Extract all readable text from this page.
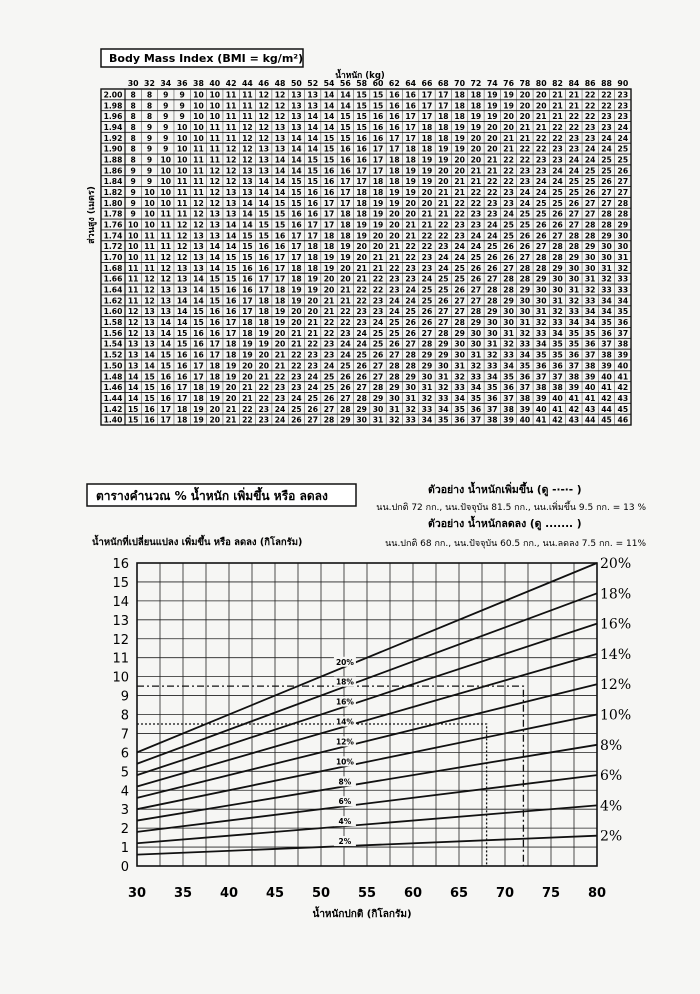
Body Mass Index (BMI = kg/m²)
น้ำหนัก (kg)
30 32 34 36 38 40 42 44 46 48 50 52 54 56 58 60 62 64 66 68 70 72 74 76 78 80 82 84 86 88 90
2.00 8 8 9 9 10 10 11 11 12 12 13 13 14 14 15 15 16 16 17 17 18 18 19 19 20 20 21 21 22 22 23
1.98 8 8 9 9 10 10 11 11 12 12 13 13 14 14 15 15 16 16 17 17 18 18 19 19 20 20 21 21 22 22 23
1.96 8 8 9 9 10 10 11 11 12 12 13 14 14 15 15 16 16 17 17 18 18 19 19 20 20 21 21 22 22 23 23
1.94 8 9 9 10 10 11 11 12 12 13 13 14 14 15 15 16 16 17 18 18 19 19 20 20 21 21 22 22 23 23 24
1.92 8 9 9 10 10 11 11 12 12 13 14 14 15 15 16 16 17 17 18 18 19 20 20 21 21 22 22 23 23 24 24
1.90 8 9 9 10 11 11 12 12 13 13 14 14 15 16 16 17 17 18 18 19 19 20 20 21 22 22 23 23 24 24 25
1.88 8 9 10 10 11 11 12 12 13 14 14 15 15 16 16 17 18 18 19 19 20 20 21 22 22 23 23 24 24 25 25
1.86 9 9 10 10 11 12 12 13 13 14 14 15 16 16 17 17 18 19 19 20 20 21 21 22 23 23 24 24 25 25 26
1.84 9 9 10 11 11 12 12 13 14 14 15 15 16 17 17 18 18 19 19 20 21 21 22 22 23 24 24 25 25 26 27
1.82 9 10 10 11 11 12 13 13 14 14 15 16 16 17 18 18 19 19 20 21 21 22 22 23 24 24 25 25 26 27 27
1.80 9 10 10 11 12 12 13 14 14 15 15 16 17 17 18 19 19 20 20 21 22 22 23 23 24 25 25 26 27 27 28
1.78 9 10 11 11 12 13 13 14 15 15 16 16 17 18 18 19 20 20 21 21 22 23 23 24 25 25 26 27 27 28 28
1.76 10 10 11 12 12 13 14 14 15 15 16 17 17 18 19 19 20 21 21 22 23 23 24 25 25 26 26 27 28 28 29
1.74 10 11 11 12 13 13 14 15 15 16 17 17 18 18 19 20 20 21 22 22 23 24 24 25 26 26 27 28 28 29 30
1.72 10 11 11 12 13 14 14 15 16 16 17 18 18 19 20 20 21 22 22 23 24 24 25 26 26 27 28 28 29 30 30
1.70 10 11 12 12 13 14 15 15 16 17 17 18 19 19 20 21 21 22 23 24 24 25 26 26 27 28 28 29 30 30 31
1.68 11 11 12 13 13 14 15 16 16 17 18 18 19 20 21 21 22 23 23 24 25 26 26 27 28 28 29 30 30 31 32
1.66 11 12 12 13 14 15 15 16 17 17 18 19 20 20 21 22 23 23 24 25 25 26 27 28 28 29 30 30 31 32 33
1.64 11 12 13 13 14 15 16 16 17 18 19 19 20 21 22 22 23 24 25 25 26 27 28 28 29 30 30 31 32 33 33
1.62 11 12 13 14 14 15 16 17 18 18 19 20 21 21 22 23 24 24 25 26 27 27 28 29 30 30 31 32 33 34 34
1.60 12 13 13 14 15 16 16 17 18 19 20 20 21 22 23 23 24 25 26 27 27 28 29 30 30 31 32 33 34 34 35
1.58 12 13 14 14 15 16 17 18 18 19 20 21 22 22 23 24 25 26 26 27 28 29 30 30 31 32 33 34 34 35 36
1.56 12 13 14 15 16 16 17 18 19 20 21 21 22 23 24 25 25 26 27 28 29 30 30 31 32 33 34 35 35 36 37
1.54 13 13 14 15 16 17 18 19 19 20 21 22 23 24 24 25 26 27 28 29 30 30 31 32 33 34 35 35 36 37 38
1.52 13 14 15 16 16 17 18 19 20 21 22 23 23 24 25 26 27 28 29 29 30 31 32 33 34 35 35 36 37 38 39
1.50 13 14 15 16 17 18 19 20 20 21 22 23 24 25 26 27 28 28 29 30 31 32 33 34 35 36 36 37 38 39 40
1.48 14 15 16 16 17 18 19 20 21 22 23 24 25 26 26 27 28 29 30 31 32 33 34 35 36 37 37 38 39 40 41
1.46 14 15 16 17 18 19 20 21 22 23 23 24 25 26 27 28 29 30 31 32 33 34 35 36 37 38 38 39 40 41 42
1.44 14 15 16 17 18 19 20 21 22 23 24 25 26 27 28 29 30 31 32 33 34 35 36 37 38 39 40 41 41 42 43
1.42 15 16 17 18 19 20 21 22 23 24 25 26 27 28 29 30 31 32 33 34 35 36 37 38 39 40 41 42 43 44 45
1.40 15 16 17 18 19 20 21 22 23 24 26 27 28 29 30 31 32 33 34 35 36 37 38 39 40 41 42 43 44 45 46
ส่วนสูง (เมตร)
ตารางคำนวณ % น้ำหนัก เพิ่มขึ้น หรือ ลดลง	ตัวอย่าง น้ำหนักเพิ่มขึ้น (ดู -·-·- )
นน.ปกติ 72 กก., นน.ปัจจุบัน 81.5 กก., นน.เพิ่มขึ้น 9.5 กก. = 13 %
ตัวอย่าง น้ำหนักลดลง (ดู ....... )
นน.ปกติ 68 กก., นน.ปัจจุบัน 60.5 กก., นน.ลดลง 7.5 กก. = 11%
น้ำหนักที่เปลี่ยนแปลง เพิ่มขึ้น หรือ ลดลง (กิโลกรัม)
น้ำหนักปกติ (กิโลกรัม)
0
1
2
3
4
5
6
7
8
9
10
11
12
13
14
15
16
30 35 40 45 50 55 60 65 70 75 80
2%
2%
4%
4%
6%
6%
8%
8%
10%
10%
12%
12%
14%
14%
16%
16%
18%
18%
20%
20%
